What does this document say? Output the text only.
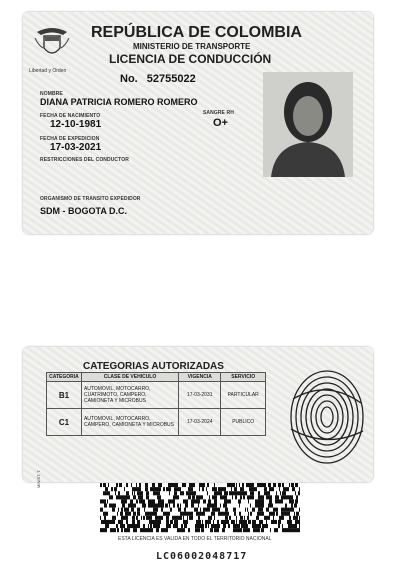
Libertad y Orden
REPÚBLICA DE COLOMBIA
MINISTERIO DE TRANSPORTE
LICENCIA DE CONDUCCIÓN
No. 52755022
NOMBRE
DIANA PATRICIA ROMERO ROMERO
FECHA DE NACIMIENTO
12-10-1981
SANGRE RH
O+
FECHA DE EXPEDICION
17-03-2021
RESTRICCIONES DEL CONDUCTOR
ORGANISMO DE TRANSITO EXPEDIDOR
SDM - BOGOTA D.C.
CATEGORIAS AUTORIZADAS
CATEGORIA	CLASE DE VEHICULO	VIGENCIA	SERVICIO
B1	AUTOMOVIL, MOTOCARRO, CUATRIMOTO, CAMPERO, CAMIONETA Y MICROBUS	17-03-2031	PARTICULAR
C1	AUTOMOVIL, MOTOCARRO, CAMPERO, CAMIONETA Y MICROBUS	17-03-2024	PUBLICO
MINIST. T.
ESTA LICENCIA ES VALIDA EN TODO EL TERRITORIO NACIONAL
LC06002048717
